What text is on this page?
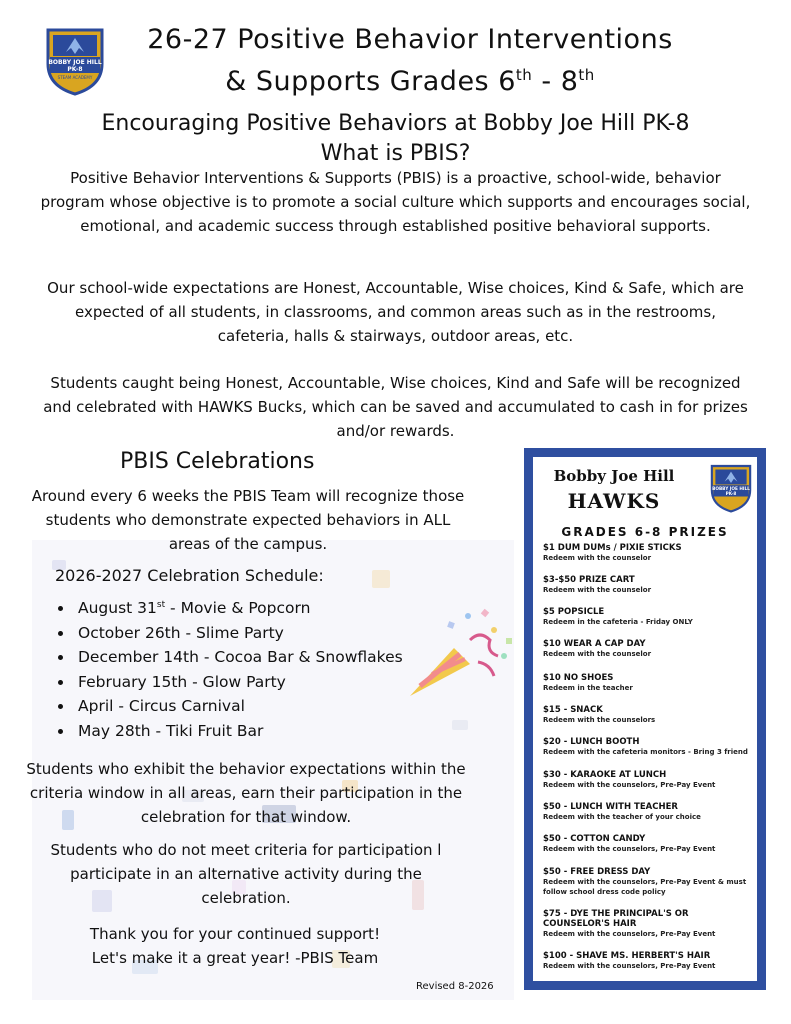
BOBBY JOE HILL
PK-8
STEAM ACADEMY
26-27 Positive Behavior Interventions
& Supports Grades 6th - 8th
Encouraging Positive Behaviors at Bobby Joe Hill PK-8
What is PBIS?
Positive Behavior Interventions & Supports (PBIS) is a proactive, school-wide, behavior program whose objective is to promote a social culture which supports and encourages social, emotional, and academic success through established positive behavioral supports.
Our school-wide expectations are Honest, Accountable, Wise choices, Kind & Safe, which are expected of all students, in classrooms, and common areas such as in the restrooms, cafeteria, halls & stairways, outdoor areas, etc.
Students caught being Honest, Accountable, Wise choices, Kind and Safe will be recognized and celebrated with HAWKS Bucks, which can be saved and accumulated to cash in for prizes and/or rewards.
PBIS Celebrations
Around every 6 weeks the PBIS Team will recognize those students who demonstrate expected behaviors in ALL areas of the campus.
2026-2027 Celebration Schedule:
• August 31st - Movie & Popcorn
• October 26th - Slime Party
• December 14th - Cocoa Bar & Snowflakes
• February 15th - Glow Party
• April - Circus Carnival
• May 28th - Tiki Fruit Bar
Students who exhibit the behavior expectations within the criteria window in all areas, earn their participation in the celebration for that window.
Students who do not meet criteria for participation l participate in an alternative activity during the celebration.
Thank you for your continued support!
Let's make it a great year! -PBIS Team
Revised 8-2026
Bobby Joe Hill
HAWKS	BOBBY JOE HILL
PK-8
GRADES 6-8 PRIZES
$1 DUM DUMs / PIXIE STICKS
Redeem with the counselor
$3-$50 PRIZE CART
Redeem with the counselor
$5 POPSICLE
Redeem in the cafeteria - Friday ONLY
$10 WEAR A CAP DAY
Redeem with the counselor
$10 NO SHOES
Redeem in the teacher
$15 - SNACK
Redeem with the counselors
$20 - LUNCH BOOTH
Redeem with the cafeteria monitors - Bring 3 friend
$30 - KARAOKE AT LUNCH
Redeem with the counselors, Pre-Pay Event
$50 - LUNCH WITH TEACHER
Redeem with the teacher of your choice
$50 - COTTON CANDY
Redeem with the counselors, Pre-Pay Event
$50 - FREE DRESS DAY
Redeem with the counselors, Pre-Pay Event & must follow school dress code policy
$75 - DYE THE PRINCIPAL'S OR COUNSELOR'S HAIR
Redeem with the counselors, Pre-Pay Event
$100 - SHAVE MS. HERBERT'S HAIR
Redeem with the counselors, Pre-Pay Event
